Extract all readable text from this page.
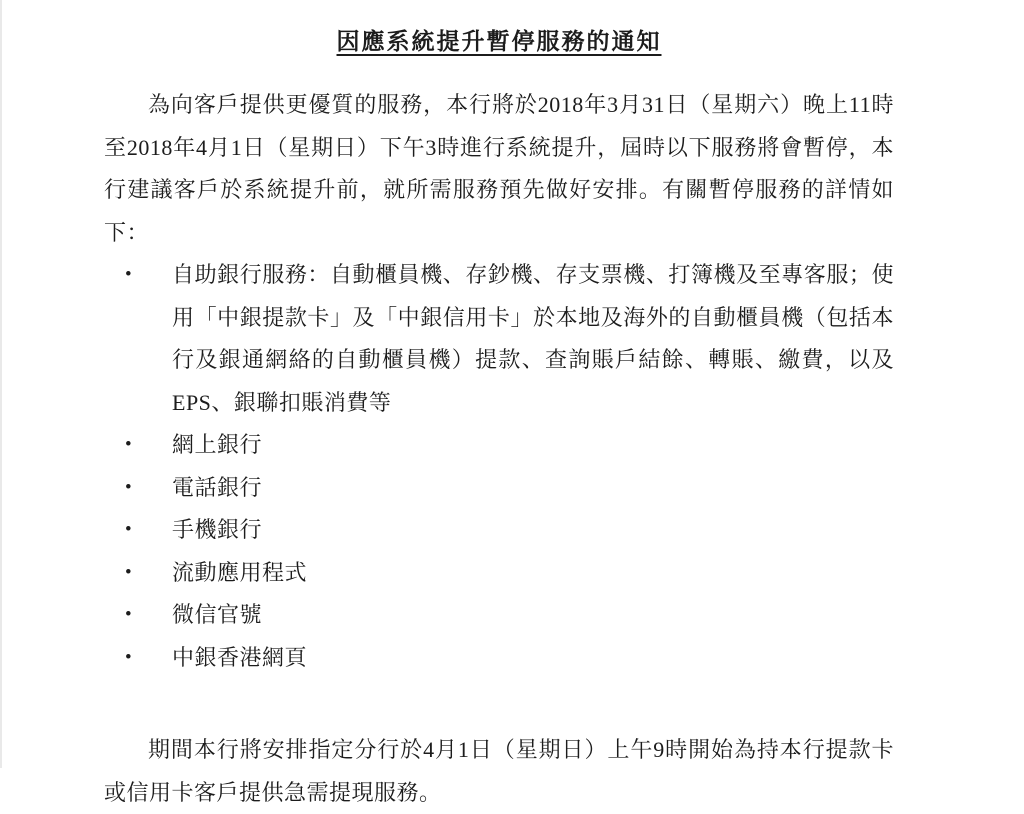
因應系統提升暫停服務的通知

為向客戶提供更優質的服務，本行將於2018年3月31日（星期六）晚上11時至2018年4月1日（星期日）下午3時進行系統提升，屆時以下服務將會暫停，本行建議客戶於系統提升前，就所需服務預先做好安排。有關暫停服務的詳情如下：

• 自助銀行服務：自動櫃員機、存鈔機、存支票機、打簿機及至專客服；使用「中銀提款卡」及「中銀信用卡」於本地及海外的自動櫃員機（包括本行及銀通網絡的自動櫃員機）提款、查詢賬戶結餘、轉賬、繳費，以及EPS、銀聯扣賬消費等
• 網上銀行
• 電話銀行
• 手機銀行
• 流動應用程式
• 微信官號
• 中銀香港網頁

期間本行將安排指定分行於4月1日（星期日）上午9時開始為持本行提款卡或信用卡客戶提供急需提現服務。
